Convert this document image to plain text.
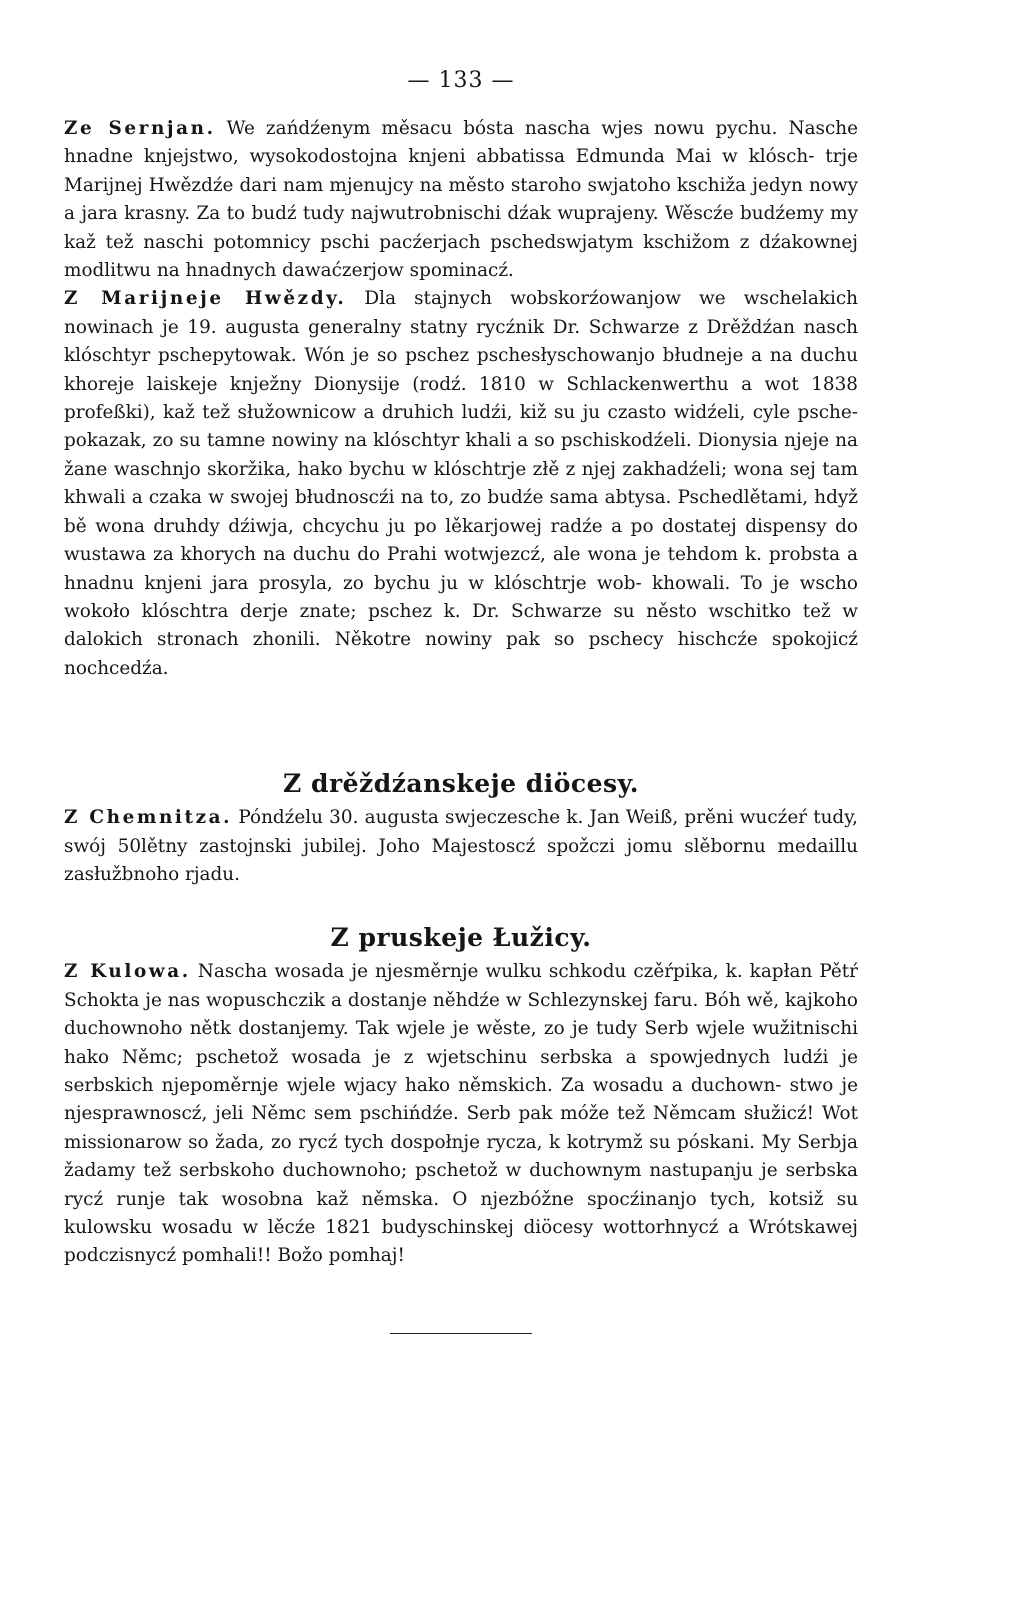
— 133 —

Ze Sernjan. We zańdźenym měsacu bósta nascha wjes nowu pychu. Nasche hnadne knjejstwo, wysokodostojna knjeni abbatissa Edmunda Mai w klósch- trje Marijnej Hwězdźe dari nam mjenujcy na město staroho swjatoho kschiža jedyn nowy a jara krasny. Za to budź tudy najwutrobnischi dźak wuprajeny. Wěscźe budźemy my kaž tež naschi potomnicy pschi pacźerjach pschedswjatym kschižom z dźakownej modlitwu na hnadnych dawaćzerjow spominacź.

Z Marijneje Hwězdy. Dla stajnych wobskorźowanjow we wschelakich nowinach je 19. augusta generalny statny rycźnik Dr. Schwarze z Drěždźan nasch klóschtyr pschepytowak. Wón je so pschez pschesłyschowanjo błudneje a na duchu khoreje laiskeje knježny Dionysije (rodź. 1810 w Schlackenwerthu a wot 1838 profeßki), kaž tež słužownicow a druhich ludźi, kiž su ju czasto widźeli, cyle psche- pokazak, zo su tamne nowiny na klóschtyr khali a so pschiskodźeli. Dionysia njeje na žane waschnjo skoržika, hako bychu w klóschtrje złě z njej zakhadźeli; wona sej tam khwali a czaka w swojej błudnoscźi na to, zo budźe sama abtysa. Pschedlětami, hdyž bě wona druhdy dźiwja, chcychu ju po lěkarjowej radźe a po dostatej dispensy do wustawa za khorych na duchu do Prahi wotwjezcź, ale wona je tehdom k. probsta a hnadnu knjeni jara prosyla, zo bychu ju w klóschtrje wob- khowali. To je wscho wokoło klóschtra derje znate; pschez k. Dr. Schwarze su něsto wschitko tež w dalokich stronach zhonili. Někotre nowiny pak so pschecy hischcźe spokojicź nochcedźa.

Z drěždźanskeje diöcesy.

Z Chemnitza. Póndźelu 30. augusta swjeczesche k. Jan Weiß, prěni wucźeŕ tudy, swój 50lětny zastojnski jubilej. Joho Majestoscź spožczi jomu slěbornu medaillu zasłužbnoho rjadu.

Z pruskeje Łužicy.

Z Kulowa. Nascha wosada je njesměrnje wulku schkodu czěŕpika, k. kapłan Pětŕ Schokta je nas wopuschczik a dostanje něhdźe w Schlezynskej faru. Bóh wě, kajkoho duchownoho nětk dostanjemy. Tak wjele je wěste, zo je tudy Serb wjele wužitnischi hako Němc; pschetož wosada je z wjetschinu serbska a spowjednych ludźi je serbskich njepoměrnje wjele wjacy hako němskich. Za wosadu a duchown- stwo je njesprawnoscź, jeli Němc sem pschińdźe. Serb pak móže tež Němcam słužicź! Wot missionarow so žada, zo rycź tych dospołnje rycza, k kotrymž su póskani. My Serbja žadamy tež serbskoho duchownoho; pschetož w duchownym nastupanju je serbska rycź runje tak wosobna kaž němska. O njezbóžne spocźinanjo tych, kotsiž su kulowsku wosadu w lěcźe 1821 budyschinskej diöcesy wottorhnycź a Wrótskawej podczisnycź pomhali!! Božo pomhaj!
